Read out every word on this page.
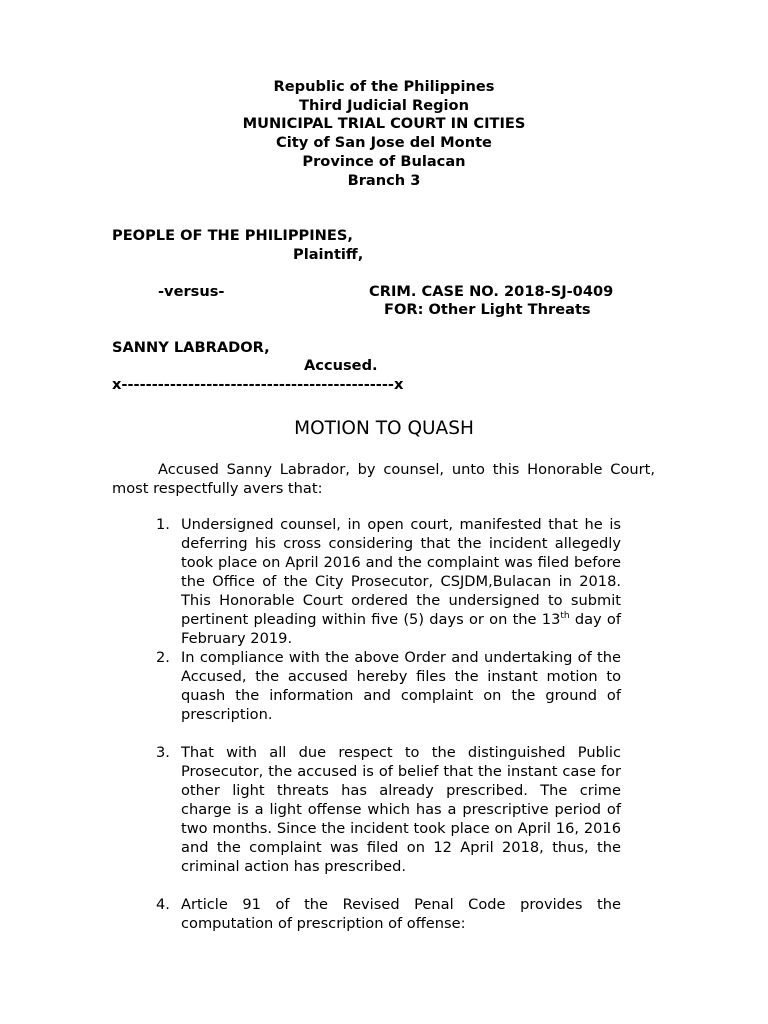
Republic of the Philippines
Third Judicial Region
MUNICIPAL TRIAL COURT IN CITIES
City of San Jose del Monte
Province of Bulacan
Branch 3
PEOPLE OF THE PHILIPPINES,
Plaintiff,
-versus-	CRIM. CASE NO. 2018-SJ-0409
FOR: Other Light Threats
SANNY LABRADOR,
Accused.
x---------------------------------------------x
MOTION TO QUASH
Accused Sanny Labrador, by counsel, unto this Honorable Court, most respectfully avers that:
1. Undersigned counsel, in open court, manifested that he is deferring his cross considering that the incident allegedly took place on April 2016 and the complaint was filed before the Office of the City Prosecutor, CSJDM,Bulacan in 2018. This Honorable Court ordered the undersigned to submit pertinent pleading within five (5) days or on the 13th day of February 2019.
2. In compliance with the above Order and undertaking of the Accused, the accused hereby files the instant motion to quash the information and complaint on the ground of prescription.
3. That with all due respect to the distinguished Public Prosecutor, the accused is of belief that the instant case for other light threats has already prescribed. The crime charge is a light offense which has a prescriptive period of two months. Since the incident took place on April 16, 2016 and the complaint was filed on 12 April 2018, thus, the criminal action has prescribed.
4. Article 91 of the Revised Penal Code provides the computation of prescription of offense:
